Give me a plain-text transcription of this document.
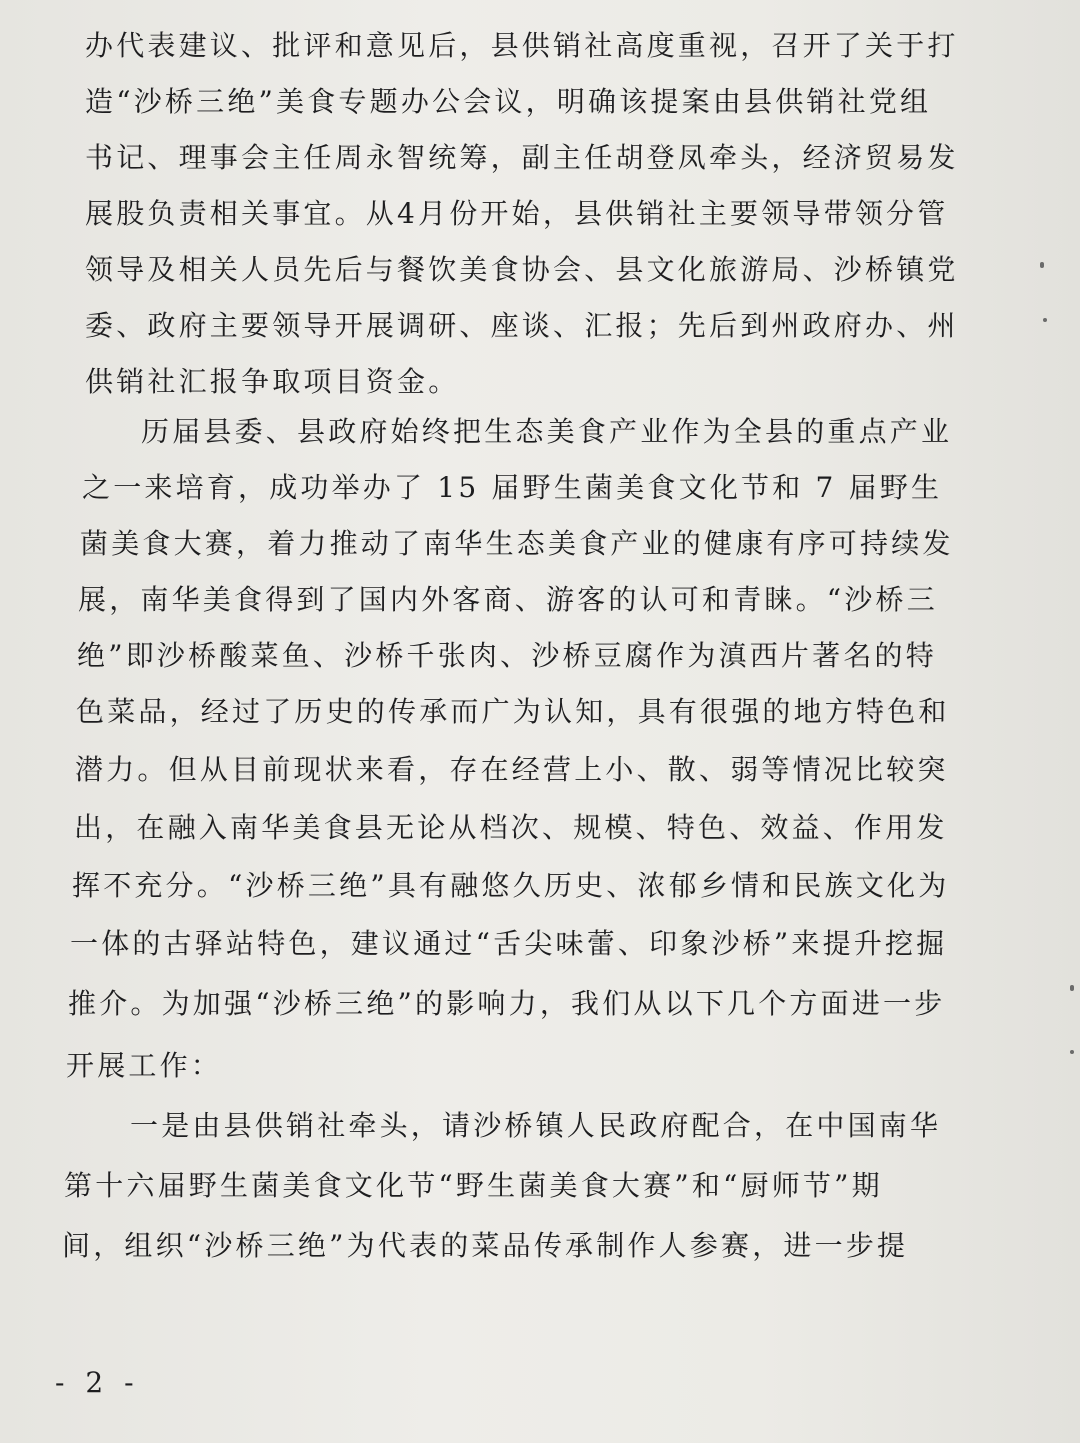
办代表建议、批评和意见后，县供销社高度重视，召开了关于打
造“沙桥三绝”美食专题办公会议，明确该提案由县供销社党组
书记、理事会主任周永智统筹，副主任胡登凤牵头，经济贸易发
展股负责相关事宜。从4月份开始，县供销社主要领导带领分管
领导及相关人员先后与餐饮美食协会、县文化旅游局、沙桥镇党
委、政府主要领导开展调研、座谈、汇报；先后到州政府办、州
供销社汇报争取项目资金。
历届县委、县政府始终把生态美食产业作为全县的重点产业
之一来培育，成功举办了 15 届野生菌美食文化节和 7 届野生
菌美食大赛，着力推动了南华生态美食产业的健康有序可持续发
展，南华美食得到了国内外客商、游客的认可和青睐。“沙桥三
绝”即沙桥酸菜鱼、沙桥千张肉、沙桥豆腐作为滇西片著名的特
色菜品，经过了历史的传承而广为认知，具有很强的地方特色和
潜力。但从目前现状来看，存在经营上小、散、弱等情况比较突
出，在融入南华美食县无论从档次、规模、特色、效益、作用发
挥不充分。“沙桥三绝”具有融悠久历史、浓郁乡情和民族文化为
一体的古驿站特色，建议通过“舌尖味蕾、印象沙桥”来提升挖掘
推介。为加强“沙桥三绝”的影响力，我们从以下几个方面进一步
开展工作：
一是由县供销社牵头，请沙桥镇人民政府配合，在中国南华
第十六届野生菌美食文化节“野生菌美食大赛”和“厨师节”期
间，组织“沙桥三绝”为代表的菜品传承制作人参赛，进一步提
- 2 -
